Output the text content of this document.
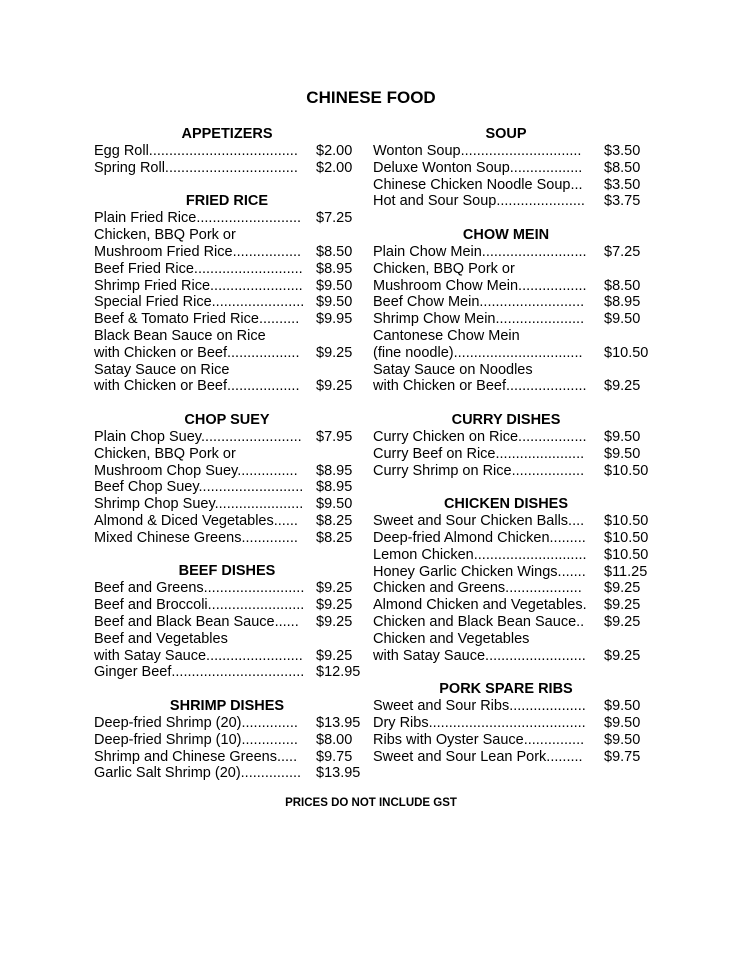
CHINESE FOOD
APPETIZERS
Egg Roll..................................... $2.00
Spring Roll................................. $2.00
FRIED RICE
Plain Fried Rice.......................... $7.25
Chicken, BBQ Pork or
Mushroom Fried Rice................. $8.50
Beef Fried Rice........................... $8.95
Shrimp Fried Rice....................... $9.50
Special Fried Rice....................... $9.50
Beef & Tomato Fried Rice.......... $9.95
Black Bean Sauce on Rice
with Chicken or Beef.................. $9.25
Satay Sauce on Rice
with Chicken or Beef.................. $9.25
CHOP SUEY
Plain Chop Suey......................... $7.95
Chicken, BBQ Pork or
Mushroom Chop Suey............... $8.95
Beef Chop Suey.......................... $8.95
Shrimp Chop Suey...................... $9.50
Almond & Diced Vegetables...... $8.25
Mixed Chinese Greens.............. $8.25
BEEF DISHES
Beef and Greens......................... $9.25
Beef and Broccoli........................ $9.25
Beef and Black Bean Sauce...... $9.25
Beef and Vegetables
with Satay Sauce........................ $9.25
Ginger Beef................................. $12.95
SHRIMP DISHES
Deep-fried Shrimp (20).............. $13.95
Deep-fried Shrimp (10).............. $8.00
Shrimp and Chinese Greens..... $9.75
Garlic Salt Shrimp (20)............... $13.95
SOUP
Wonton Soup.............................. $3.50
Deluxe Wonton Soup.................. $8.50
Chinese Chicken Noodle Soup... $3.50
Hot and Sour Soup...................... $3.75
CHOW MEIN
Plain Chow Mein.......................... $7.25
Chicken, BBQ Pork or
Mushroom Chow Mein................. $8.50
Beef Chow Mein.......................... $8.95
Shrimp Chow Mein...................... $9.50
Cantonese Chow Mein
(fine noodle)................................ $10.50
Satay Sauce on Noodles
with Chicken or Beef.................... $9.25
CURRY DISHES
Curry Chicken on Rice................. $9.50
Curry Beef on Rice...................... $9.50
Curry Shrimp on Rice.................. $10.50
CHICKEN DISHES
Sweet and Sour Chicken Balls.... $10.50
Deep-fried Almond Chicken......... $10.50
Lemon Chicken............................ $10.50
Honey Garlic Chicken Wings....... $11.25
Chicken and Greens................... $9.25
Almond Chicken and Vegetables. $9.25
Chicken and Black Bean Sauce.. $9.25
Chicken and Vegetables
with Satay Sauce......................... $9.25
PORK SPARE RIBS
Sweet and Sour Ribs................... $9.50
Dry Ribs....................................... $9.50
Ribs with Oyster Sauce............... $9.50
Sweet and Sour Lean Pork......... $9.75
PRICES DO NOT INCLUDE GST
